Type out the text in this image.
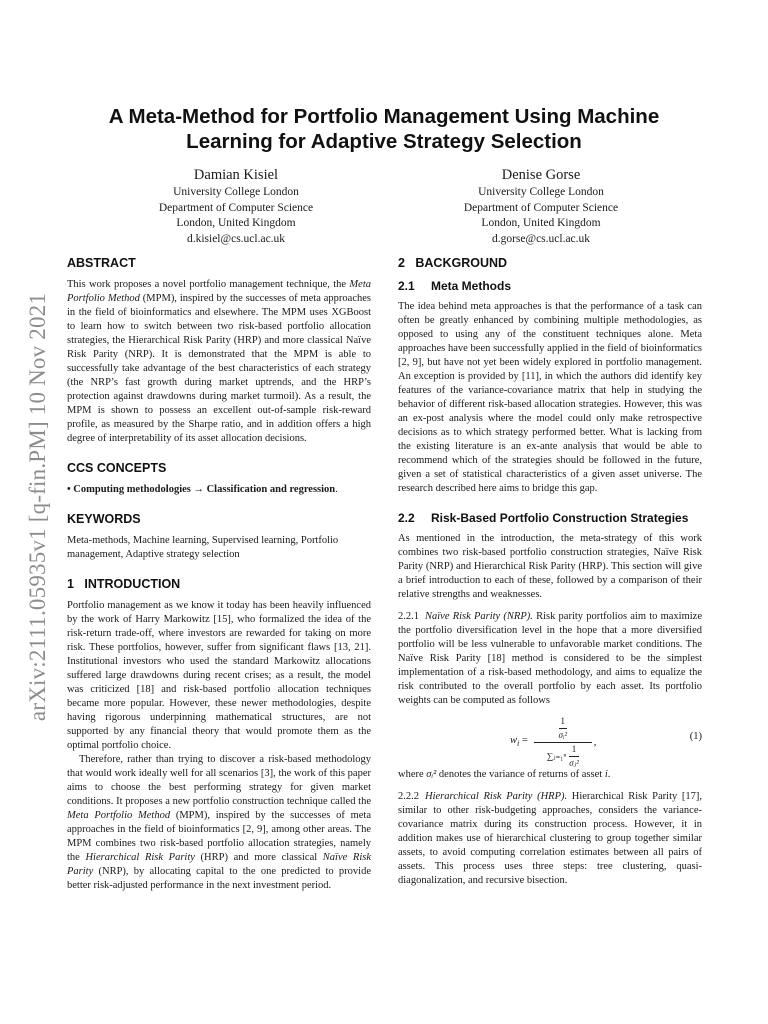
arXiv:2111.05935v1 [q-fin.PM] 10 Nov 2021
A Meta-Method for Portfolio Management Using Machine Learning for Adaptive Strategy Selection
Damian Kisiel
University College London
Department of Computer Science
London, United Kingdom
d.kisiel@cs.ucl.ac.uk
Denise Gorse
University College London
Department of Computer Science
London, United Kingdom
d.gorse@cs.ucl.ac.uk
ABSTRACT

This work proposes a novel portfolio management technique, the Meta Portfolio Method (MPM), inspired by the successes of meta approaches in the field of bioinformatics and elsewhere. The MPM uses XGBoost to learn how to switch between two risk-based portfolio allocation strategies, the Hierarchical Risk Parity (HRP) and more classical Naïve Risk Parity (NRP). It is demonstrated that the MPM is able to successfully take advantage of the best characteristics of each strategy (the NRP’s fast growth during market uptrends, and the HRP’s protection against drawdowns during market turmoil). As a result, the MPM is shown to possess an excellent out-of-sample risk-reward profile, as measured by the Sharpe ratio, and in addition offers a high degree of interpretability of its asset allocation decisions.

CCS CONCEPTS

• Computing methodologies → Classification and regression.

KEYWORDS

Meta-methods, Machine learning, Supervised learning, Portfolio management, Adaptive strategy selection

1 INTRODUCTION

Portfolio management as we know it today has been heavily influenced by the work of Harry Markowitz [15], who formalized the idea of the risk-return trade-off, where investors are rewarded for taking on more risk. These portfolios, however, suffer from significant flaws [13, 21]. Institutional investors who used the standard Markowitz allocations suffered large drawdowns during recent crises; as a result, the model was criticized [18] and risk-based portfolio allocation techniques became more popular. However, these newer methodologies, despite having rigorous underpinning mathematical structures, are not supported by any financial theory that would promote them as the optimal portfolio choice.

Therefore, rather than trying to discover a risk-based methodology that would work ideally well for all scenarios [3], the work of this paper aims to choose the best performing strategy for given market conditions. It proposes a new portfolio construction technique called the Meta Portfolio Method (MPM), inspired by the successes of meta approaches in the field of bioinformatics [2, 9], among other areas. The MPM combines two risk-based portfolio allocation strategies, namely the Hierarchical Risk Parity (HRP) and more classical Naïve Risk Parity (NRP), by allocating capital to the one predicted to provide better risk-adjusted performance in the next investment period.

2 BACKGROUND
2.1 Meta Methods

The idea behind meta approaches is that the performance of a task can often be greatly enhanced by combining multiple methodologies, as opposed to using any of the constituent techniques alone. Meta approaches have been successfully applied in the field of bioinformatics [2, 9], but have not yet been widely explored in portfolio management. An exception is provided by [11], in which the authors did identify key features of the variance-covariance matrix that help in studying the behavior of different risk-based allocation strategies. However, this was an ex-post analysis where the model could only make retrospective decisions as to which strategy performed better. What is lacking from the existing literature is an ex-ante analysis that would be able to recommend which of the strategies should be followed in the future, given a set of statistical characteristics of a given asset universe. The research described here aims to bridge this gap.

2.2 Risk-Based Portfolio Construction Strategies

As mentioned in the introduction, the meta-strategy of this work combines two risk-based portfolio construction strategies, Naïve Risk Parity (NRP) and Hierarchical Risk Parity (HRP). This section will give a brief introduction to each of these, followed by a comparison of their relative strengths and weaknesses.

2.2.1 Naïve Risk Parity (NRP). Risk parity portfolios aim to maximize the portfolio diversification level in the hope that a more diversified portfolio will be less vulnerable to unfavorable market conditions. The Naïve Risk Parity [18] method is considered to be the simplest implementation of a risk-based methodology, and aims to equalize the risk contributed to the overall portfolio by each asset. Its portfolio weights can be computed as follows

$w_i = \frac{\frac{1}{\text{σᵢ²}}}{\sum ⱼ_{=1}^n \frac{1}{\text{σⱼ²}}}$ ,	(1)

where σᵢ² denotes the variance of returns of asset i.

2.2.2 Hierarchical Risk Parity (HRP). Hierarchical Risk Parity [17], similar to other risk-budgeting approaches, considers the variance-covariance matrix during its construction process. However, it in addition makes use of hierarchical clustering to group together similar assets, to avoid computing correlation estimates between all pairs of assets. This process uses three steps: tree clustering, quasi-diagonalization, and recursive bisection.
